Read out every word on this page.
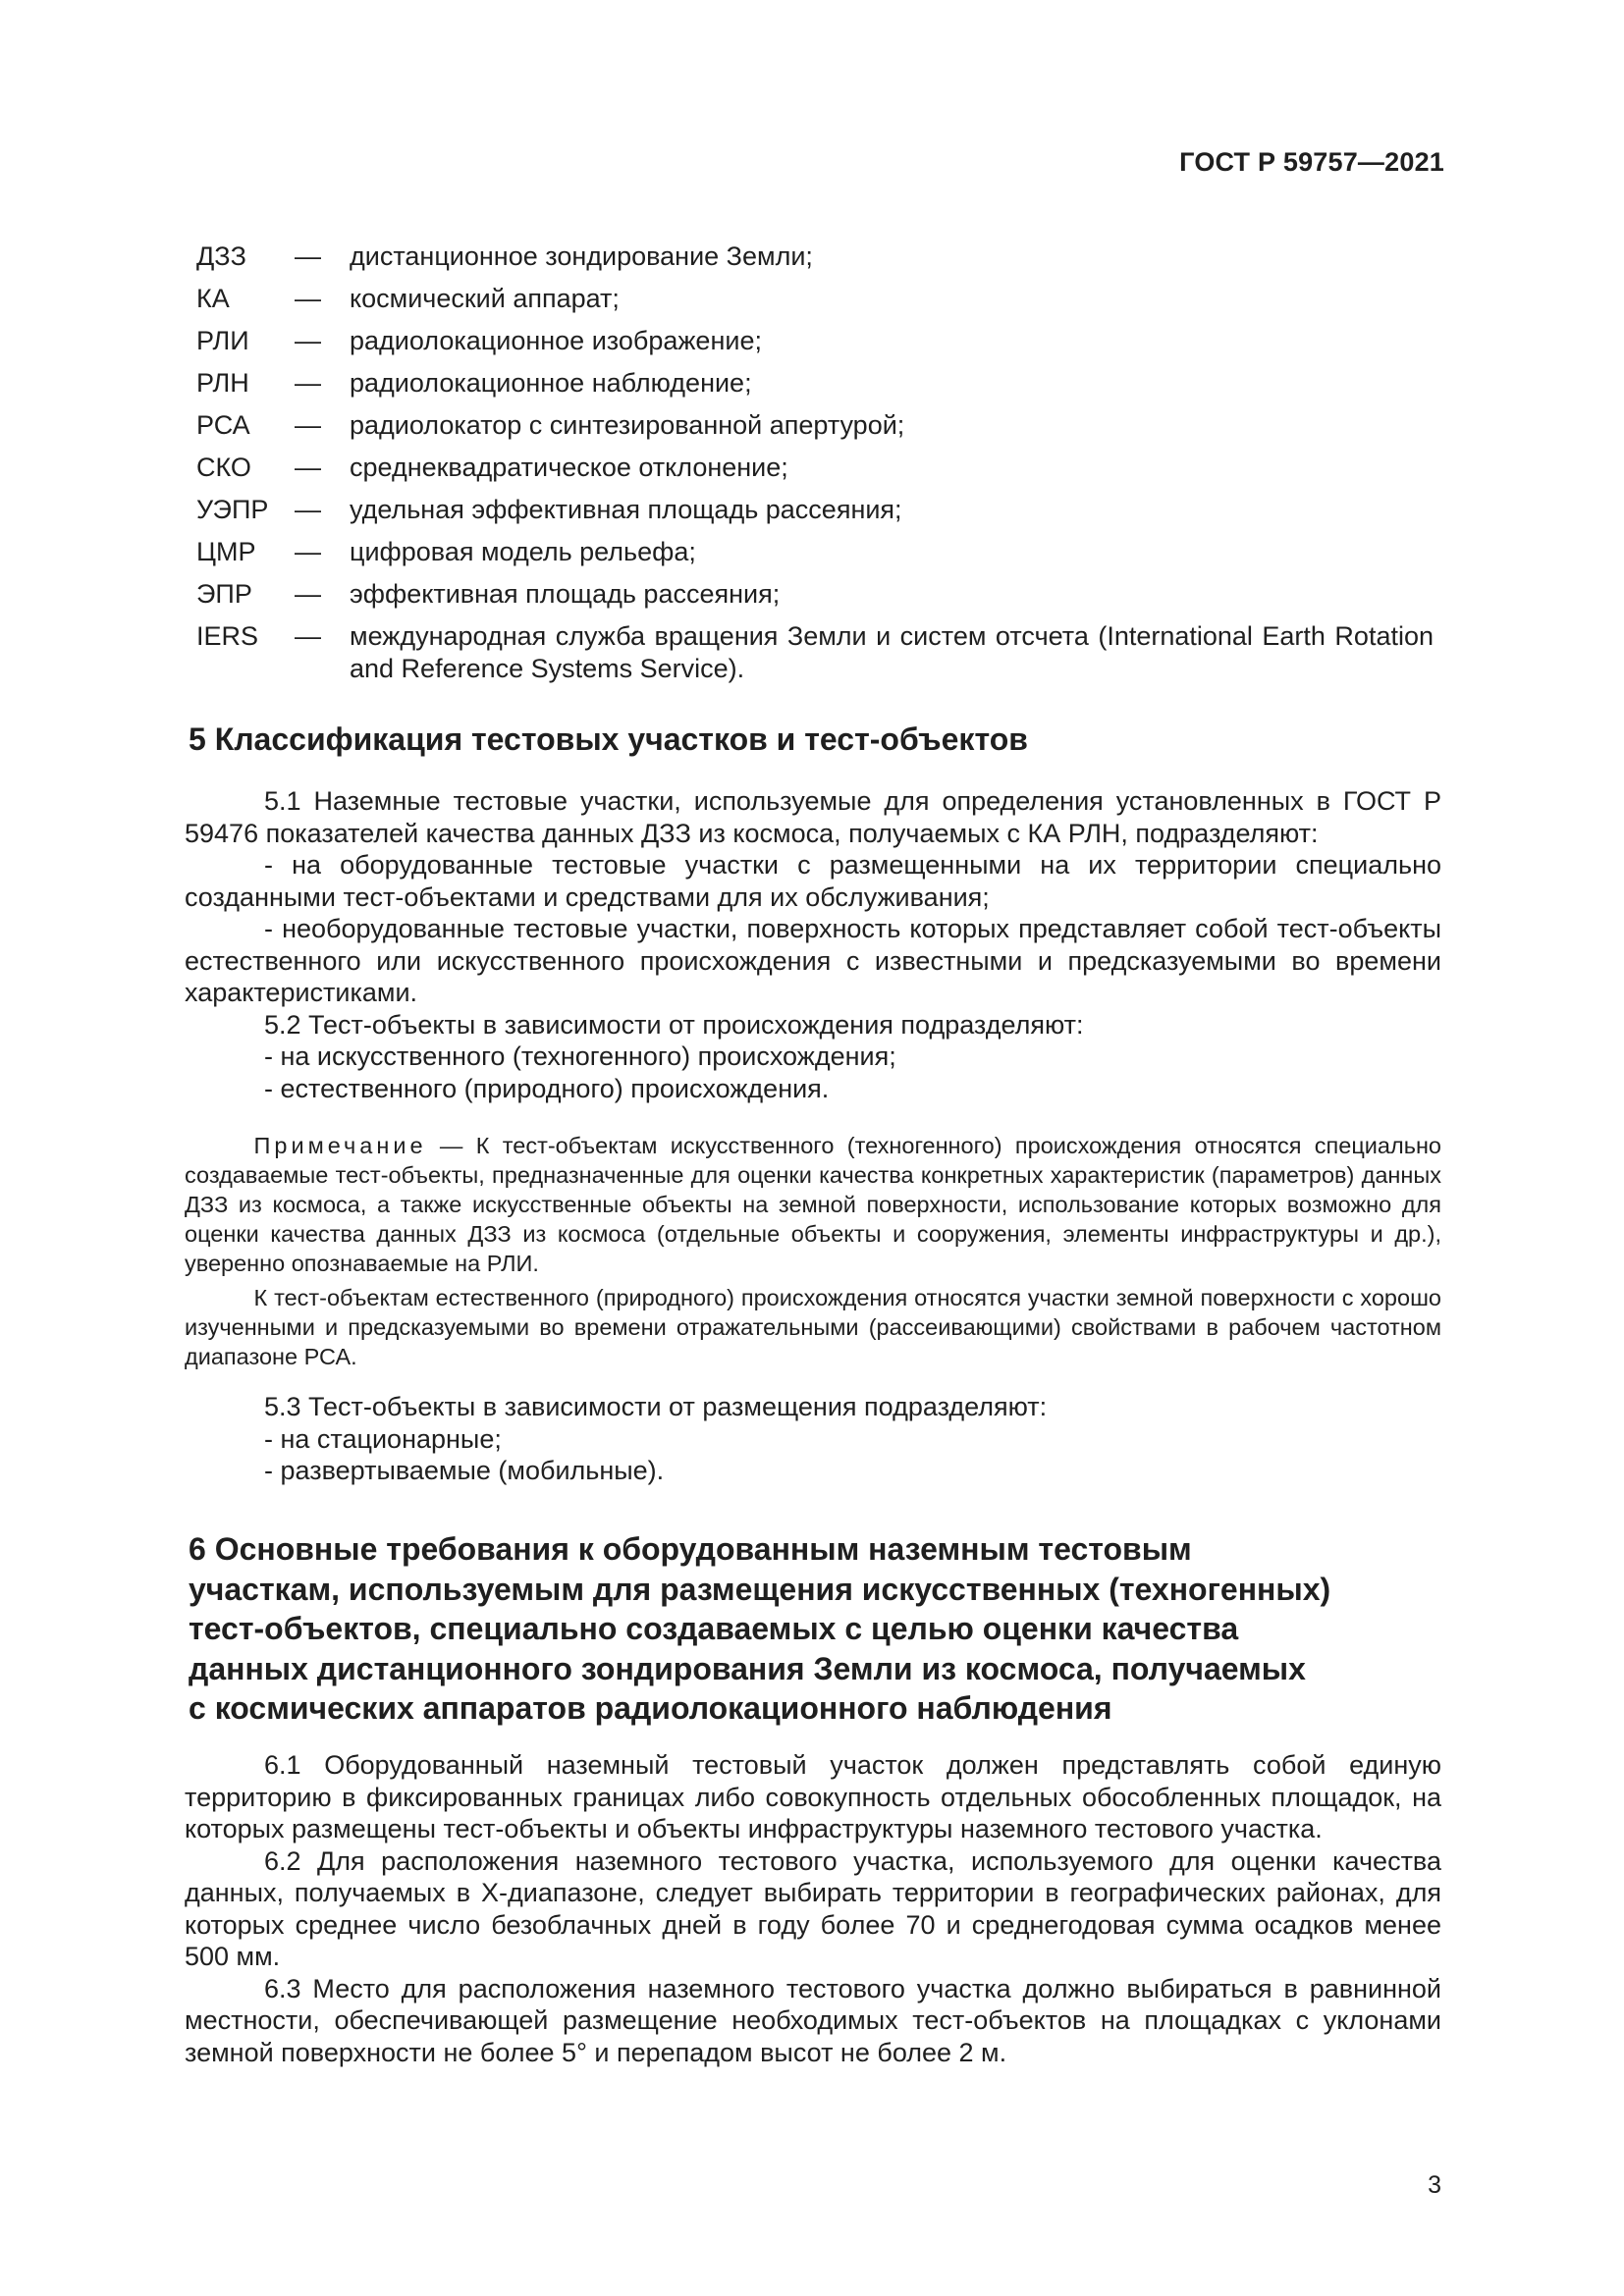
ГОСТ Р 59757—2021
ДЗЗ	—	дистанционное зондирование Земли;
КА	—	космический аппарат;
РЛИ	—	радиолокационное изображение;
РЛН	—	радиолокационное наблюдение;
РСА	—	радиолокатор с синтезированной апертурой;
СКО	—	среднеквадратическое отклонение;
УЭПР —	удельная эффективная площадь рассеяния;
ЦМР	—	цифровая модель рельефа;
ЭПР	—	эффективная площадь рассеяния;
IERS	—	международная служба вращения Земли и систем отсчета (International Earth Rotation and Reference Systems Service).
5 Классификация тестовых участков и тест-объектов

5.1 Наземные тестовые участки, используемые для определения установленных в ГОСТ Р 59476 показателей качества данных ДЗЗ из космоса, получаемых с КА РЛН, подразделяют:

- на оборудованные тестовые участки с размещенными на их территории специально созданными тест-объектами и средствами для их обслуживания;

- необорудованные тестовые участки, поверхность которых представляет собой тест-объекты естественного или искусственного происхождения с известными и предсказуемыми во времени характеристиками.

5.2 Тест-объекты в зависимости от происхождения подразделяют:

- на искусственного (техногенного) происхождения;

- естественного (природного) происхождения.

Примечание — К тест-объектам искусственного (техногенного) происхождения относятся специально создаваемые тест-объекты, предназначенные для оценки качества конкретных характеристик (параметров) данных ДЗЗ из космоса, а также искусственные объекты на земной поверхности, использование которых возможно для оценки качества данных ДЗЗ из космоса (отдельные объекты и сооружения, элементы инфраструктуры и др.), уверенно опознаваемые на РЛИ.

К тест-объектам естественного (природного) происхождения относятся участки земной поверхности с хорошо изученными и предсказуемыми во времени отражательными (рассеивающими) свойствами в рабочем частотном диапазоне РСА.

5.3 Тест-объекты в зависимости от размещения подразделяют:

- на стационарные;

- развертываемые (мобильные).

6 Основные требования к оборудованным наземным тестовым
участкам, используемым для размещения искусственных (техногенных)
тест-объектов, специально создаваемых с целью оценки качества
данных дистанционного зондирования Земли из космоса, получаемых
с космических аппаратов радиолокационного наблюдения

6.1 Оборудованный наземный тестовый участок должен представлять собой единую территорию в фиксированных границах либо совокупность отдельных обособленных площадок, на которых размещены тест-объекты и объекты инфраструктуры наземного тестового участка.

6.2 Для расположения наземного тестового участка, используемого для оценки качества данных, получаемых в Х-диапазоне, следует выбирать территории в географических районах, для которых среднее число безоблачных дней в году более 70 и среднегодовая сумма осадков менее 500 мм.

6.3 Место для расположения наземного тестового участка должно выбираться в равнинной местности, обеспечивающей размещение необходимых тест-объектов на площадках с уклонами земной поверхности не более 5° и перепадом высот не более 2 м.

3
